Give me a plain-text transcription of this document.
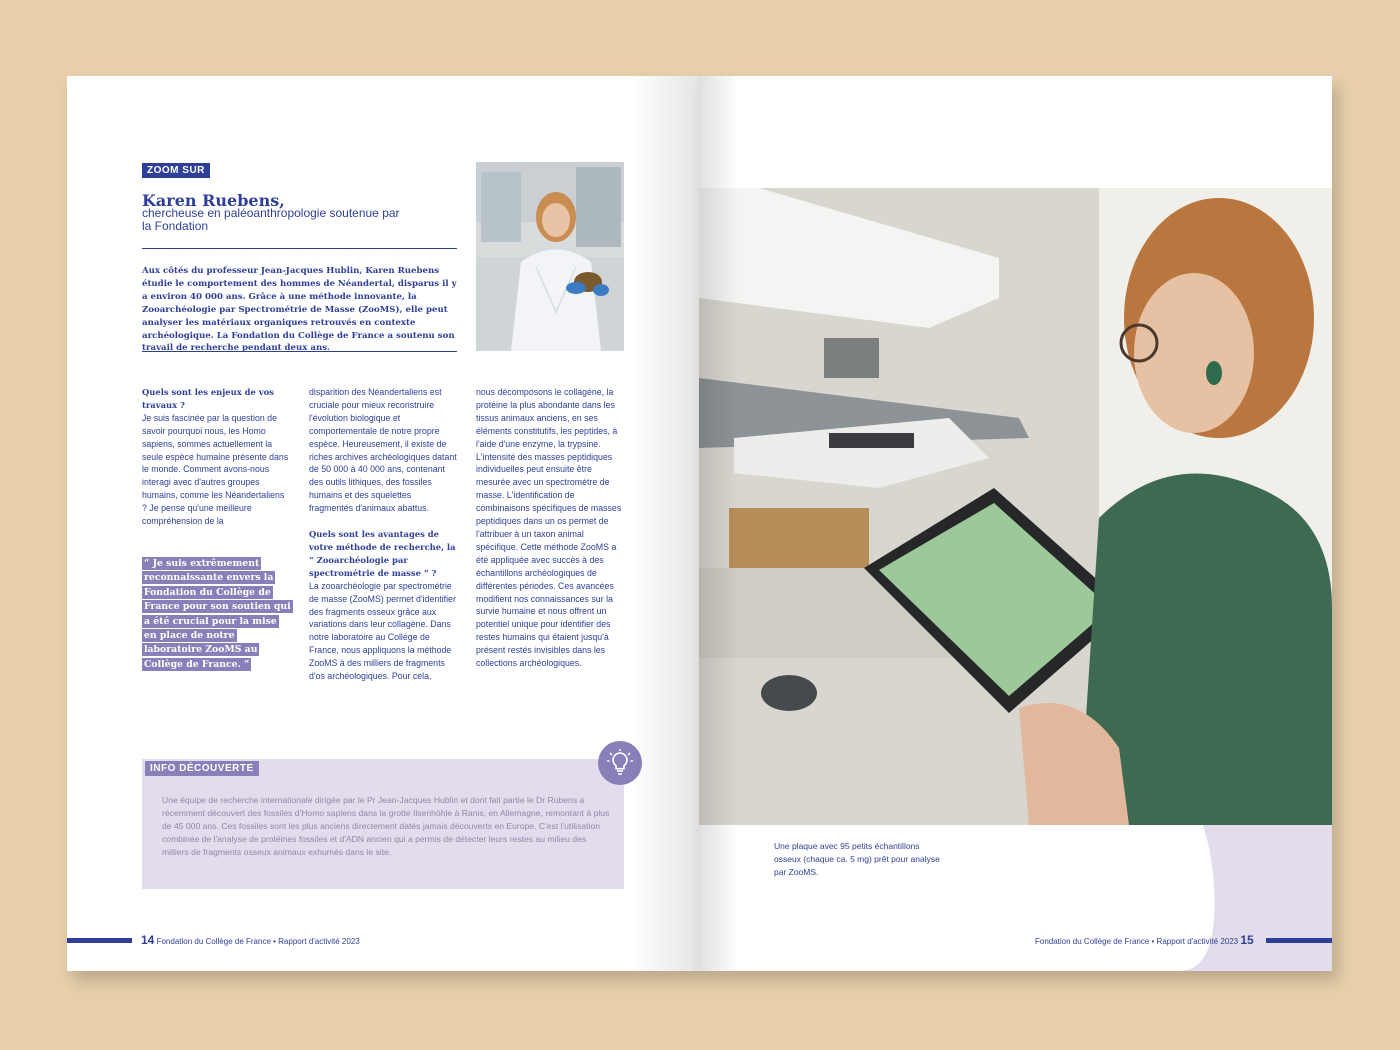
ZOOM SUR
Karen Ruebens,
chercheuse en paléoanthropologie soutenue par la Fondation
Aux côtés du professeur Jean-Jacques Hublin, Karen Ruebens étudie le comportement des hommes de Néandertal, disparus il y a environ 40 000 ans. Grâce à une méthode innovante, la Zooarchéologie par Spectrométrie de Masse (ZooMS), elle peut analyser les matériaux organiques retrouvés en contexte archéologique. La Fondation du Collège de France a soutenu son travail de recherche pendant deux ans.
Quels sont les enjeux de vos travaux ?
Je suis fascinée par la question de savoir pourquoi nous, les Homo sapiens, sommes actuellement la seule espèce humaine présente dans le monde. Comment avons-nous interagi avec d'autres groupes humains, comme les Néandertaliens ? Je pense qu'une meilleure compréhension de la
“ Je suis extrêmement reconnaissante envers la Fondation du Collège de France pour son soutien qui a été crucial pour la mise en place de notre laboratoire ZooMS au Collège de France. ”
disparition des Néandertaliens est cruciale pour mieux reconstruire l'évolution biologique et comportementale de notre propre espèce. Heureusement, il existe de riches archives archéologiques datant de 50 000 à 40 000 ans, contenant des outils lithiques, des fossiles humains et des squelettes fragmentés d'animaux abattus.
Quels sont les avantages de votre méthode de recherche, la “ Zooarchéologie par spectrométrie de masse ” ?
La zooarchéologie par spectrométrie de masse (ZooMS) permet d'identifier des fragments osseux grâce aux variations dans leur collagène. Dans notre laboratoire au Collège de France, nous appliquons la méthode ZooMS à des milliers de fragments d'os archéologiques. Pour cela,
nous décomposons le collagène, la protéine la plus abondante dans les tissus animaux anciens, en ses éléments constitutifs, les peptides, à l'aide d'une enzyme, la trypsine. L'intensité des masses peptidiques individuelles peut ensuite être mesurée avec un spectromètre de masse. L'identification de combinaisons spécifiques de masses peptidiques dans un os permet de l'attribuer à un taxon animal spécifique. Cette méthode ZooMS a été appliquée avec succès à des échantillons archéologiques de différentes périodes. Ces avancées modifient nos connaissances sur la survie humaine et nous offrent un potentiel unique pour identifier des restes humains qui étaient jusqu'à présent restés invisibles dans les collections archéologiques.
INFO DÉCOUVERTE
Une équipe de recherche internationale dirigée par le Pr Jean-Jacques Hublin et dont fait partie le Dr Rubens a récemment découvert des fossiles d'Homo sapiens dans la grotte Ilsenhöhle à Ranis, en Allemagne, remontant à plus de 45 000 ans. Ces fossiles sont les plus anciens directement datés jamais découverts en Europe. C'est l'utilisation combinée de l'analyse de protéines fossiles et d'ADN ancien qui a permis de détecter leurs restes au milieu des milliers de fragments osseux animaux exhumés dans le site.
14 Fondation du Collège de France • Rapport d'activité 2023
Une plaque avec 95 petits échantillons osseux (chaque ca. 5 mg) prêt pour analyse par ZooMS.
Fondation du Collège de France • Rapport d'activité 2023 15
